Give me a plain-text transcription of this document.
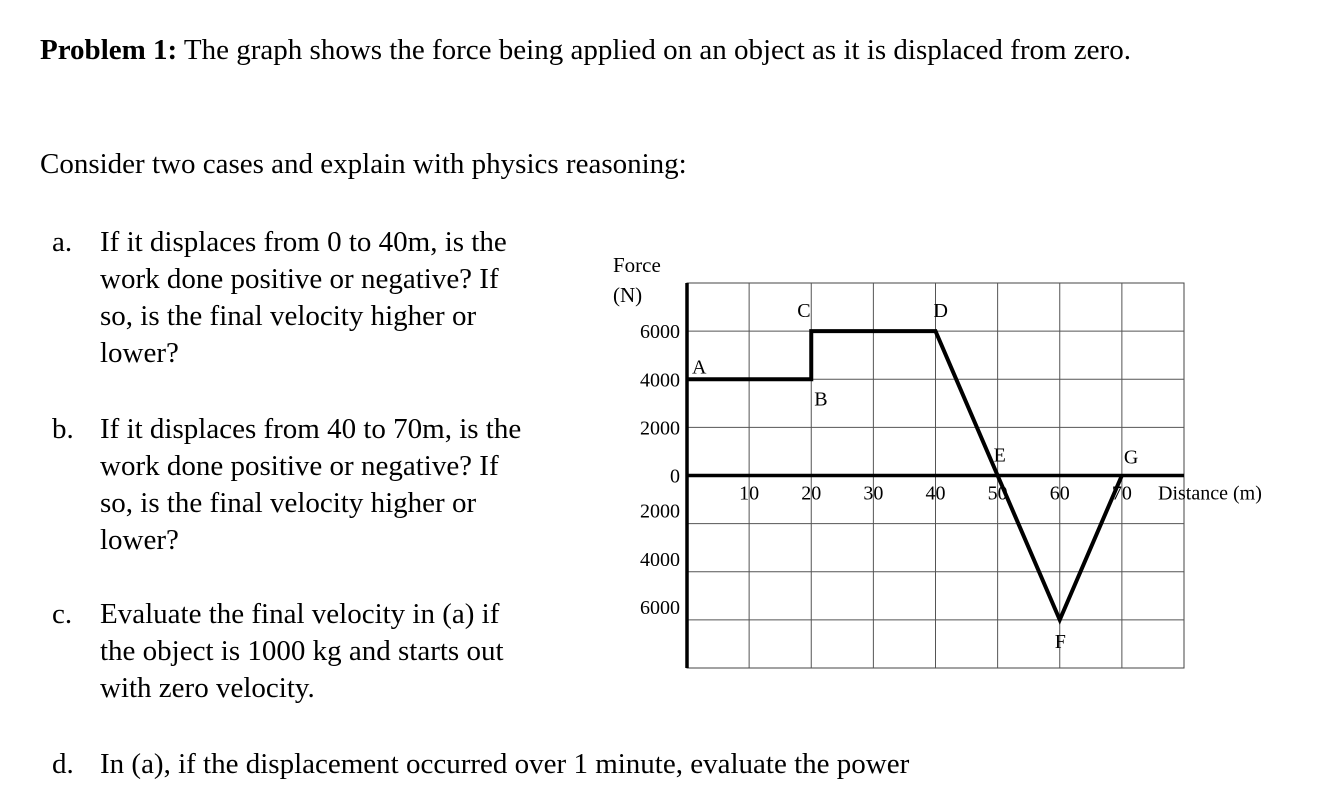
Problem 1: The graph shows the force being applied on an object as it is displaced from zero.
Consider two cases and explain with physics reasoning:
a. If it displaces from 0 to 40m, is the
work done positive or negative? If
so, is the final velocity higher or
lower?
b. If it displaces from 40 to 70m, is the
work done positive or negative? If
so, is the final velocity higher or
lower?
c. Evaluate the final velocity in (a) if
the object is 1000 kg and starts out
with zero velocity.
d. In (a), if the displacement occurred over 1 minute, evaluate the power
Force
(N)
6000
4000
2000
0
2000
4000
6000
10 20 30 40 50 60 70 Distance (m)
A
B
C	D
E
F
G
